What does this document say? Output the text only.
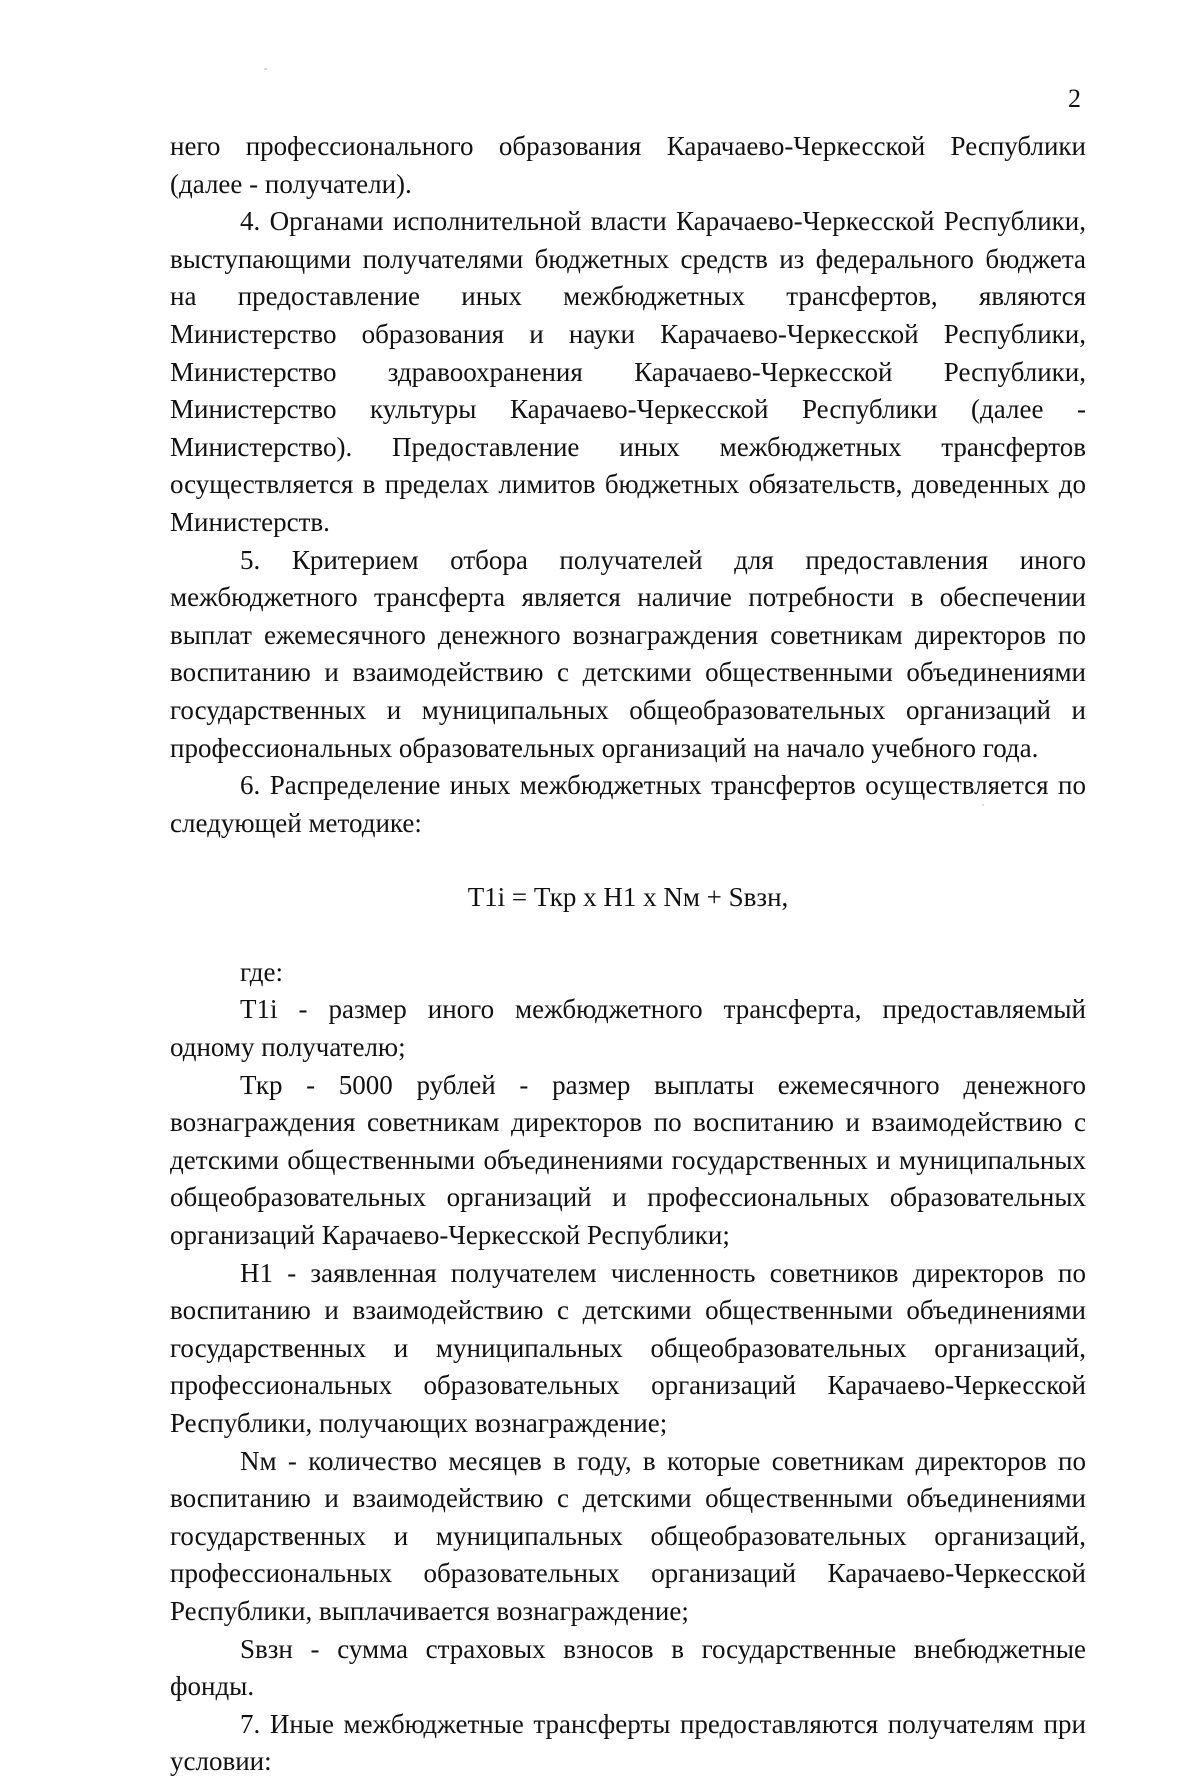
2

него профессионального образования Карачаево-Черкесской Республики (далее - получатели).

4. Органами исполнительной власти Карачаево-Черкесской Республики, выступающими получателями бюджетных средств из федерального бюджета на предоставление иных межбюджетных трансфертов, являются Министерство образования и науки Карачаево-Черкесской Республики, Министерство здравоохранения Карачаево-Черкесской Республики, Министерство культуры Карачаево-Черкесской Республики (далее - Министерство). Предоставление иных межбюджетных трансфертов осуществляется в пределах лимитов бюджетных обязательств, доведенных до Министерств.

5. Критерием отбора получателей для предоставления иного межбюджетного трансферта является наличие потребности в обеспечении выплат ежемесячного денежного вознаграждения советникам директоров по воспитанию и взаимодействию с детскими общественными объединениями государственных и муниципальных общеобразовательных организаций и профессиональных образовательных организаций на начало учебного года.

6. Распределение иных межбюджетных трансфертов осуществляется по следующей методике:

T1i = Ткр х H1 х Nм + Sвзн,

где:

T1i - размер иного межбюджетного трансферта, предоставляемый одному получателю;

Ткр - 5000 рублей - размер выплаты ежемесячного денежного вознаграждения советникам директоров по воспитанию и взаимодействию с детскими общественными объединениями государственных и муниципальных общеобразовательных организаций и профессиональных образовательных организаций Карачаево-Черкесской Республики;

H1 - заявленная получателем численность советников директоров по воспитанию и взаимодействию с детскими общественными объединениями государственных и муниципальных общеобразовательных организаций, профессиональных образовательных организаций Карачаево-Черкесской Республики, получающих вознаграждение;

Nм - количество месяцев в году, в которые советникам директоров по воспитанию и взаимодействию с детскими общественными объединениями государственных и муниципальных общеобразовательных организаций, профессиональных образовательных организаций Карачаево-Черкесской Республики, выплачивается вознаграждение;

Sвзн - сумма страховых взносов в государственные внебюджетные фонды.

7. Иные межбюджетные трансферты предоставляются получателям при условии:
